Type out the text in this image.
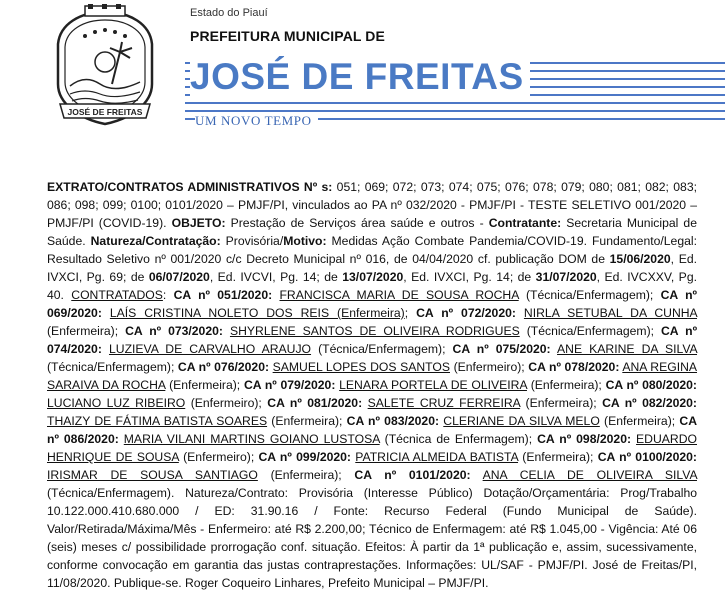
JOSÉ DE FREITAS
Estado do Piauí
PREFEITURA MUNICIPAL DE
JOSÉ DE FREITAS
UM NOVO TEMPO
EXTRATO/CONTRATOS ADMINISTRATIVOS Nº s: 051; 069; 072; 073; 074; 075; 076; 078; 079; 080; 081; 082; 083; 086; 098; 099; 0100; 0101/2020 – PMJF/PI, vinculados ao PA nº 032/2020 - PMJF/PI - TESTE SELETIVO 001/2020 – PMJF/PI (COVID-19). OBJETO: Prestação de Serviços área saúde e outros - Contratante: Secretaria Municipal de Saúde. Natureza/Contratação: Provisória/Motivo: Medidas Ação Combate Pandemia/COVID-19. Fundamento/Legal: Resultado Seletivo nº 001/2020 c/c Decreto Municipal nº 016, de 04/04/2020 cf. publicação DOM de 15/06/2020, Ed. IVXCI, Pg. 69; de 06/07/2020, Ed. IVCVI, Pg. 14; de 13/07/2020, Ed. IVXCI, Pg. 14; de 31/07/2020, Ed. IVCXXV, Pg. 40. CONTRATADOS: CA nº 051/2020: FRANCISCA MARIA DE SOUSA ROCHA (Técnica/Enfermagem); CA nº 069/2020: LAÍS CRISTINA NOLETO DOS REIS (Enfermeira); CA nº 072/2020: NIRLA SETUBAL DA CUNHA (Enfermeira); CA nº 073/2020: SHYRLENE SANTOS DE OLIVEIRA RODRIGUES (Técnica/Enfermagem); CA nº 074/2020: LUZIEVA DE CARVALHO ARAUJO (Técnica/Enfermagem); CA nº 075/2020: ANE KARINE DA SILVA (Técnica/Enfermagem); CA nº 076/2020: SAMUEL LOPES DOS SANTOS (Enfermeiro); CA nº 078/2020: ANA REGINA SARAIVA DA ROCHA (Enfermeira); CA nº 079/2020: LENARA PORTELA DE OLIVEIRA (Enfermeira); CA nº 080/2020: LUCIANO LUZ RIBEIRO (Enfermeiro); CA nº 081/2020: SALETE CRUZ FERREIRA (Enfermeira); CA nº 082/2020: THAIZY DE FÁTIMA BATISTA SOARES (Enfermeira); CA nº 083/2020: CLERIANE DA SILVA MELO (Enfermeira); CA nº 086/2020: MARIA VILANI MARTINS GOIANO LUSTOSA (Técnica de Enfermagem); CA nº 098/2020: EDUARDO HENRIQUE DE SOUSA (Enfermeiro); CA nº 099/2020: PATRICIA ALMEIDA BATISTA (Enfermeira); CA nº 0100/2020: IRISMAR DE SOUSA SANTIAGO (Enfermeira); CA nº 0101/2020: ANA CELIA DE OLIVEIRA SILVA (Técnica/Enfermagem). Natureza/Contrato: Provisória (Interesse Público) Dotação/Orçamentária: Prog/Trabalho 10.122.000.410.680.000 / ED: 31.90.16 / Fonte: Recurso Federal (Fundo Municipal de Saúde). Valor/Retirada/Máxima/Mês - Enfermeiro: até R$ 2.200,00; Técnico de Enfermagem: até R$ 1.045,00 - Vigência: Até 06 (seis) meses c/ possibilidade prorrogação conf. situação. Efeitos: À partir da 1ª publicação e, assim, sucessivamente, conforme convocação em garantia das justas contraprestações. Informações: UL/SAF - PMJF/PI. José de Freitas/PI, 11/08/2020. Publique-se. Roger Coqueiro Linhares, Prefeito Municipal – PMJF/PI.
